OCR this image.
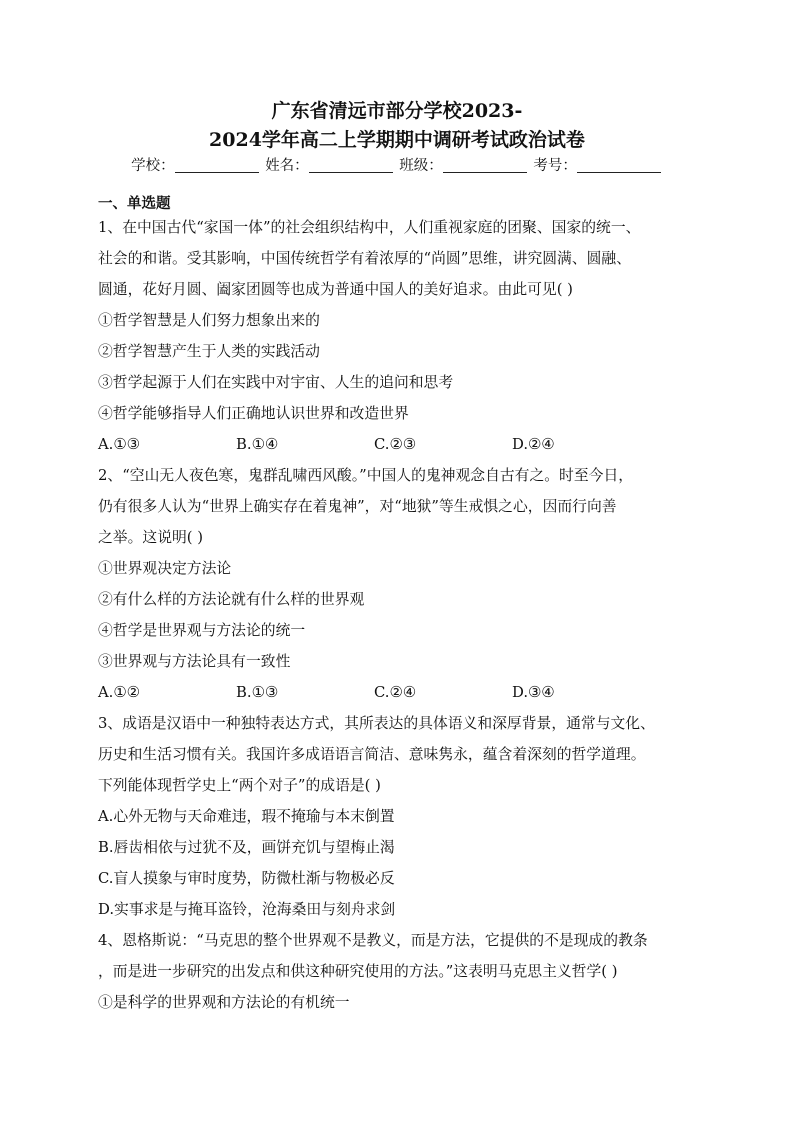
广东省清远市部分学校2023-
2024学年高二上学期期中调研考试政治试卷
学校：	姓名：	班级：	考号：
一、单选题
1、在中国古代“家国一体”的社会组织结构中，人们重视家庭的团聚、国家的统一、
社会的和谐。受其影响，中国传统哲学有着浓厚的“尚圆”思维，讲究圆满、圆融、
圆通，花好月圆、阖家团圆等也成为普通中国人的美好追求。由此可见( )
①哲学智慧是人们努力想象出来的
②哲学智慧产生于人类的实践活动
③哲学起源于人们在实践中对宇宙、人生的追问和思考
④哲学能够指导人们正确地认识世界和改造世界
A.①③	B.①④	C.②③	D.②④
2、“空山无人夜色寒，鬼群乱啸西风酸。”中国人的鬼神观念自古有之。时至今日，
仍有很多人认为“世界上确实存在着鬼神”，对“地狱”等生戒惧之心，因而行向善
之举。这说明( )
①世界观决定方法论
②有什么样的方法论就有什么样的世界观
④哲学是世界观与方法论的统一
③世界观与方法论具有一致性
A.①②	B.①③	C.②④	D.③④
3、成语是汉语中一种独特表达方式，其所表达的具体语义和深厚背景，通常与文化、
历史和生活习惯有关。我国许多成语语言简洁、意味隽永，蕴含着深刻的哲学道理。
下列能体现哲学史上“两个对子”的成语是( )
A.心外无物与天命难违，瑕不掩瑜与本末倒置
B.唇齿相依与过犹不及，画饼充饥与望梅止渴
C.盲人摸象与审时度势，防微杜渐与物极必反
D.实事求是与掩耳盗铃，沧海桑田与刻舟求剑
4、恩格斯说：“马克思的整个世界观不是教义，而是方法，它提供的不是现成的教条
，而是进一步研究的出发点和供这种研究使用的方法。”这表明马克思主义哲学( )
①是科学的世界观和方法论的有机统一
